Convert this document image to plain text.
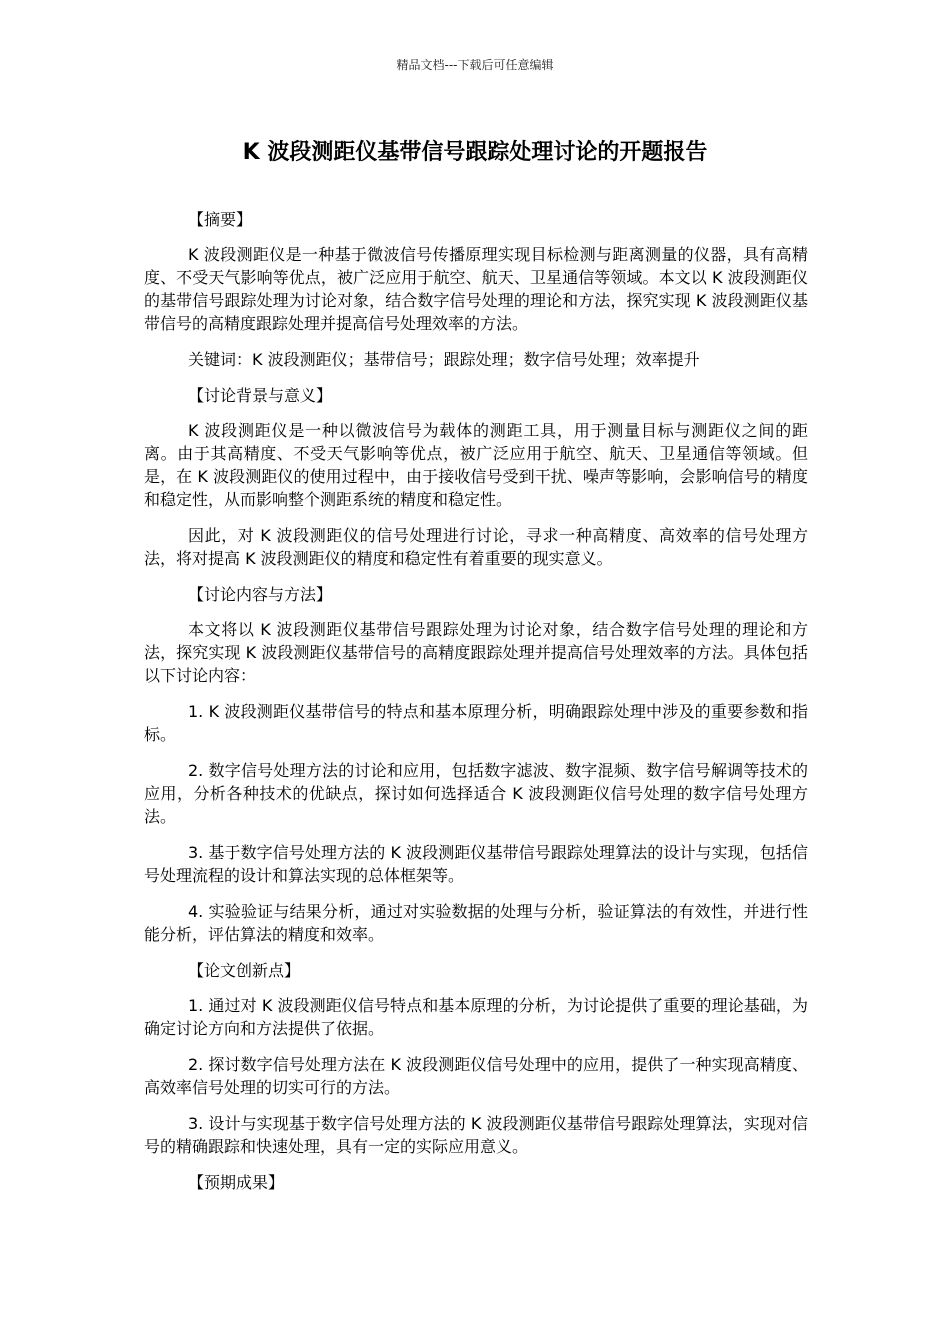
精品文档---下载后可任意编辑
K 波段测距仪基带信号跟踪处理讨论的开题报告

【摘要】

K 波段测距仪是一种基于微波信号传播原理实现目标检测与距离测量的仪器，具有高精度、不受天气影响等优点，被广泛应用于航空、航天、卫星通信等领域。本文以 K 波段测距仪的基带信号跟踪处理为讨论对象，结合数字信号处理的理论和方法，探究实现 K 波段测距仪基带信号的高精度跟踪处理并提高信号处理效率的方法。

关键词：K 波段测距仪；基带信号；跟踪处理；数字信号处理；效率提升

【讨论背景与意义】

K 波段测距仪是一种以微波信号为载体的测距工具，用于测量目标与测距仪之间的距离。由于其高精度、不受天气影响等优点，被广泛应用于航空、航天、卫星通信等领域。但是，在 K 波段测距仪的使用过程中，由于接收信号受到干扰、噪声等影响，会影响信号的精度和稳定性，从而影响整个测距系统的精度和稳定性。

因此，对 K 波段测距仪的信号处理进行讨论，寻求一种高精度、高效率的信号处理方法，将对提高 K 波段测距仪的精度和稳定性有着重要的现实意义。

【讨论内容与方法】

本文将以 K 波段测距仪基带信号跟踪处理为讨论对象，结合数字信号处理的理论和方法，探究实现 K 波段测距仪基带信号的高精度跟踪处理并提高信号处理效率的方法。具体包括以下讨论内容：

1. K 波段测距仪基带信号的特点和基本原理分析，明确跟踪处理中涉及的重要参数和指标。

2. 数字信号处理方法的讨论和应用，包括数字滤波、数字混频、数字信号解调等技术的应用，分析各种技术的优缺点，探讨如何选择适合 K 波段测距仪信号处理的数字信号处理方法。

3. 基于数字信号处理方法的 K 波段测距仪基带信号跟踪处理算法的设计与实现，包括信号处理流程的设计和算法实现的总体框架等。

4. 实验验证与结果分析，通过对实验数据的处理与分析，验证算法的有效性，并进行性能分析，评估算法的精度和效率。

【论文创新点】

1. 通过对 K 波段测距仪信号特点和基本原理的分析，为讨论提供了重要的理论基础，为确定讨论方向和方法提供了依据。

2. 探讨数字信号处理方法在 K 波段测距仪信号处理中的应用，提供了一种实现高精度、高效率信号处理的切实可行的方法。

3. 设计与实现基于数字信号处理方法的 K 波段测距仪基带信号跟踪处理算法，实现对信号的精确跟踪和快速处理，具有一定的实际应用意义。

【预期成果】
